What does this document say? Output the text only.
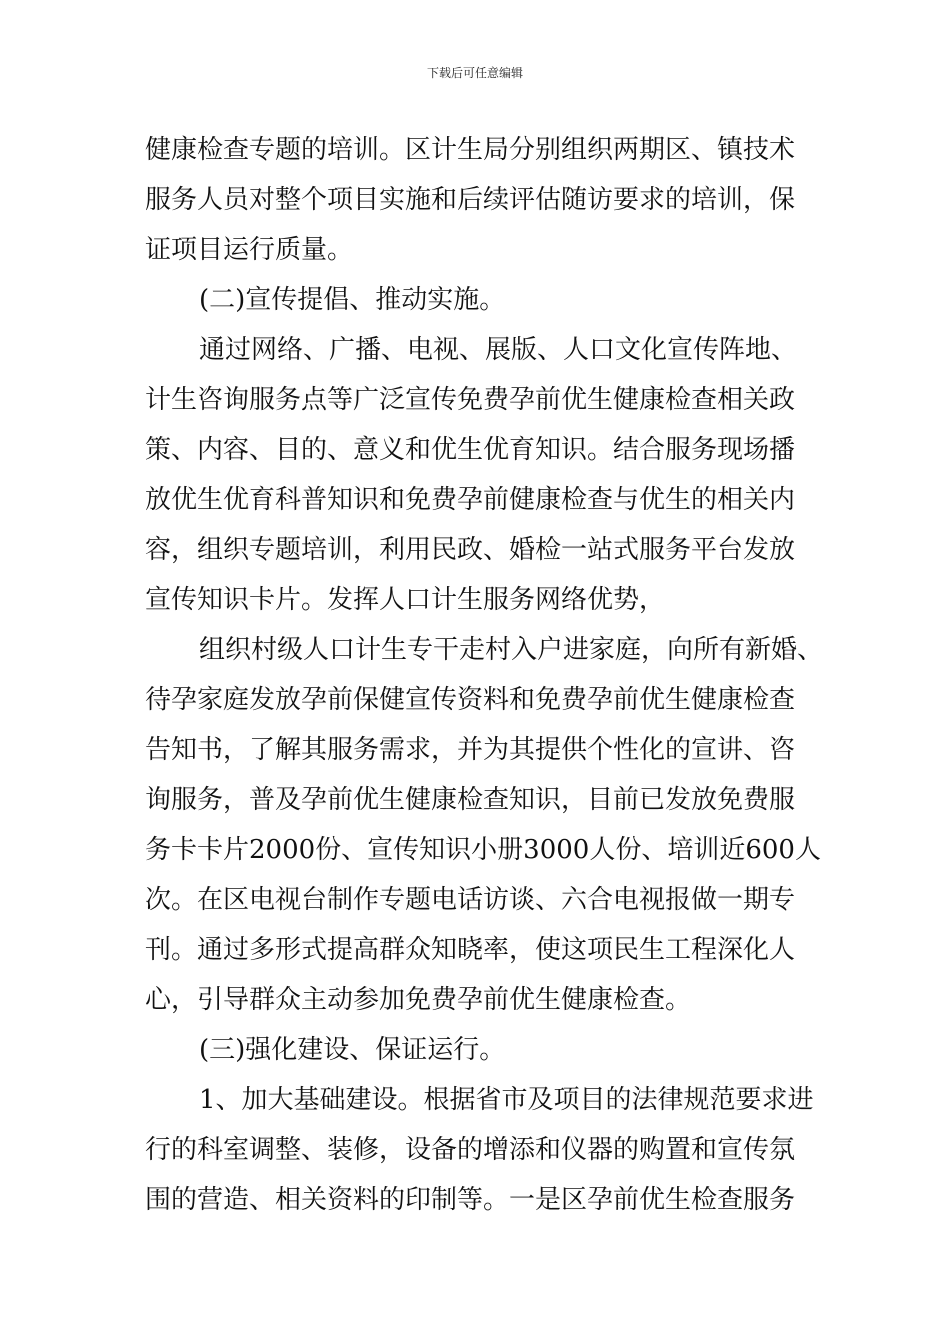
下载后可任意编辑
健康检查专题的培训。区计生局分别组织两期区、镇技术
服务人员对整个项目实施和后续评估随访要求的培训，保
证项目运行质量。
(二)宣传提倡、推动实施。
通过网络、广播、电视、展版、人口文化宣传阵地、
计生咨询服务点等广泛宣传免费孕前优生健康检查相关政
策、内容、目的、意义和优生优育知识。结合服务现场播
放优生优育科普知识和免费孕前健康检查与优生的相关内
容，组织专题培训，利用民政、婚检一站式服务平台发放
宣传知识卡片。发挥人口计生服务网络优势，
组织村级人口计生专干走村入户进家庭，向所有新婚、
待孕家庭发放孕前保健宣传资料和免费孕前优生健康检查
告知书，了解其服务需求，并为其提供个性化的宣讲、咨
询服务，普及孕前优生健康检查知识，目前已发放免费服
务卡卡片2000份、宣传知识小册3000人份、培训近600人
次。在区电视台制作专题电话访谈、六合电视报做一期专
刊。通过多形式提高群众知晓率，使这项民生工程深化人
心，引导群众主动参加免费孕前优生健康检查。
(三)强化建设、保证运行。
1、加大基础建设。根据省市及项目的法律规范要求进
行的科室调整、装修，设备的增添和仪器的购置和宣传氛
围的营造、相关资料的印制等。一是区孕前优生检查服务
